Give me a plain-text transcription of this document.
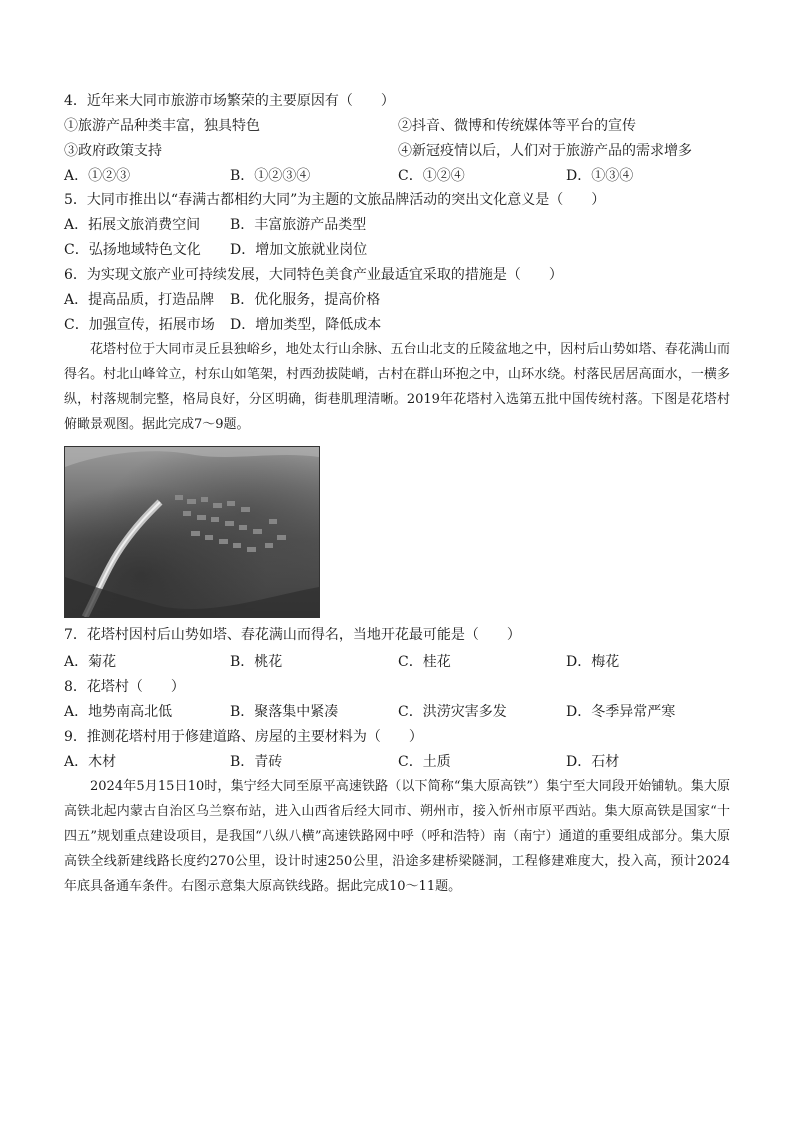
4．近年来大同市旅游市场繁荣的主要原因有（　　）
①旅游产品种类丰富，独具特色	②抖音、微博和传统媒体等平台的宣传
③政府政策支持	④新冠疫情以后，人们对于旅游产品的需求增多
A．①②③	B．①②③④	C．①②④	D．①③④
5．大同市推出以“春满古都相约大同”为主题的文旅品牌活动的突出文化意义是（　　）
A．拓展文旅消费空间 B．丰富旅游产品类型
C．弘扬地域特色文化 D．增加文旅就业岗位
6．为实现文旅产业可持续发展，大同特色美食产业最适宜采取的措施是（　　）
A．提高品质，打造品牌 B．优化服务，提高价格
C．加强宣传，拓展市场 D．增加类型，降低成本
花塔村位于大同市灵丘县独峪乡，地处太行山余脉、五台山北支的丘陵盆地之中，因村后山势如塔、春花满山而得名。村北山峰耸立，村东山如笔架，村西劲拔陡峭，古村在群山环抱之中，山环水绕。村落民居居高面水，一横多纵，村落规制完整，格局良好，分区明确，街巷肌理清晰。2019年花塔村入选第五批中国传统村落。下图是花塔村俯瞰景观图。据此完成7～9题。
7．花塔村因村后山势如塔、春花满山而得名，当地开花最可能是（　　）
A．菊花	B．桃花	C．桂花	D．梅花
8．花塔村（　　）
A．地势南高北低	B．聚落集中紧凑	C．洪涝灾害多发	D．冬季异常严寒
9．推测花塔村用于修建道路、房屋的主要材料为（　　）
A．木材	B．青砖	C．土质	D．石材
2024年5月15日10时，集宁经大同至原平高速铁路（以下简称“集大原高铁”）集宁至大同段开始铺轨。集大原高铁北起内蒙古自治区乌兰察布站，进入山西省后经大同市、朔州市，接入忻州市原平西站。集大原高铁是国家“十四五”规划重点建设项目，是我国“八纵八横”高速铁路网中呼（呼和浩特）南（南宁）通道的重要组成部分。集大原高铁全线新建线路长度约270公里，设计时速250公里，沿途多建桥梁隧洞，工程修建难度大，投入高，预计2024年底具备通车条件。右图示意集大原高铁线路。据此完成10～11题。
